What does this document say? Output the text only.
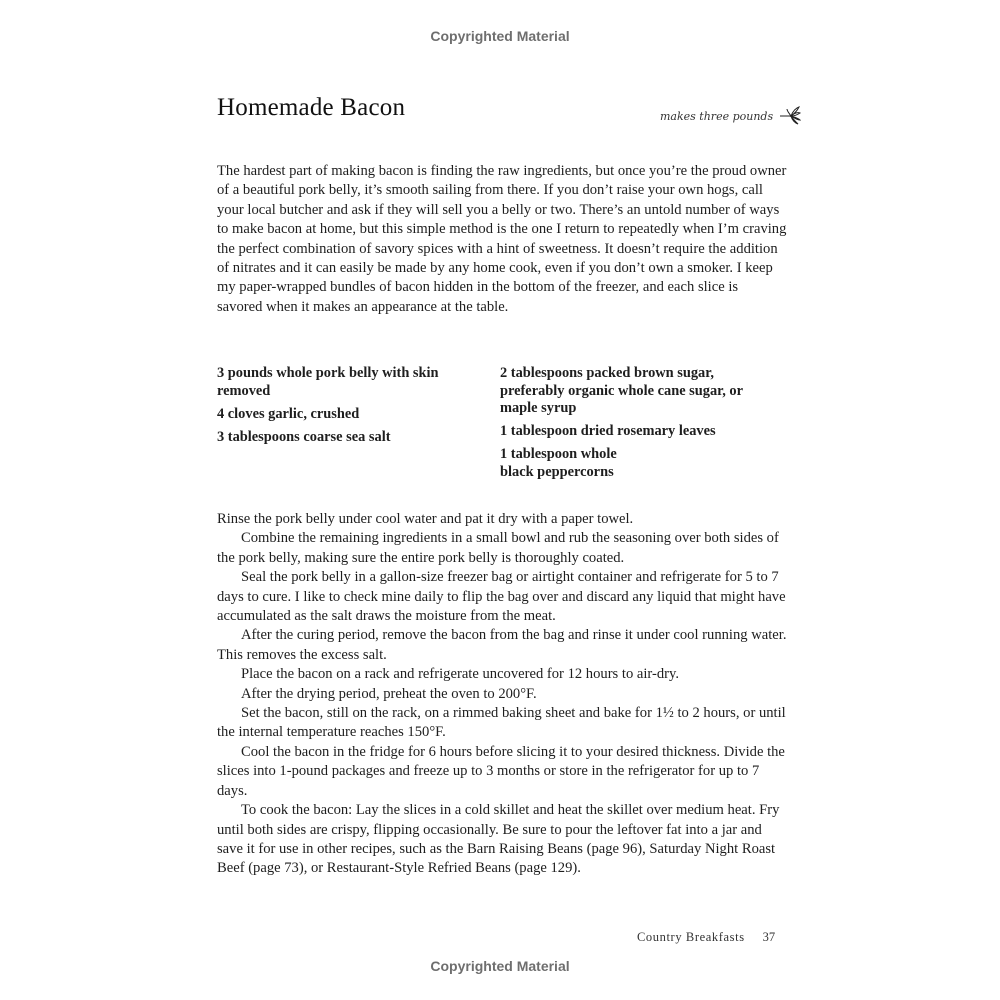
Copyrighted Material
Homemade Bacon	makes three pounds
The hardest part of making bacon is finding the raw ingredients, but once you’re the proud owner of a beautiful pork belly, it’s smooth sailing from there. If you don’t raise your own hogs, call your local butcher and ask if they will sell you a belly or two. There’s an untold number of ways to make bacon at home, but this simple method is the one I return to repeatedly when I’m craving the perfect combination of savory spices with a hint of sweetness. It doesn’t require the addition of nitrates and it can easily be made by any home cook, even if you don’t own a smoker. I keep my paper-wrapped bundles of bacon hidden in the bottom of the freezer, and each slice is savored when it makes an appearance at the table.
3 pounds whole pork belly with skin removed
4 cloves garlic, crushed
3 tablespoons coarse sea salt
2 tablespoons packed brown sugar, preferably organic whole cane sugar, or maple syrup
1 tablespoon dried rosemary leaves
1 tablespoon whole black peppercorns

Rinse the pork belly under cool water and pat it dry with a paper towel.

Combine the remaining ingredients in a small bowl and rub the seasoning over both sides of the pork belly, making sure the entire pork belly is thoroughly coated.

Seal the pork belly in a gallon-size freezer bag or airtight container and refrigerate for 5 to 7 days to cure. I like to check mine daily to flip the bag over and discard any liquid that might have accumulated as the salt draws the moisture from the meat.

After the curing period, remove the bacon from the bag and rinse it under cool running water. This removes the excess salt.

Place the bacon on a rack and refrigerate uncovered for 12 hours to air-dry.

After the drying period, preheat the oven to 200°F.

Set the bacon, still on the rack, on a rimmed baking sheet and bake for 1½ to 2 hours, or until the internal temperature reaches 150°F.

Cool the bacon in the fridge for 6 hours before slicing it to your desired thickness. Divide the slices into 1-pound packages and freeze up to 3 months or store in the refrigerator for up to 7 days.

To cook the bacon: Lay the slices in a cold skillet and heat the skillet over medium heat. Fry until both sides are crispy, flipping occasionally. Be sure to pour the leftover fat into a jar and save it for use in other recipes, such as the Barn Raising Beans (page 96), Saturday Night Roast Beef (page 73), or Restaurant-Style Refried Beans (page 129).

Country Breakfasts 37
Copyrighted Material
